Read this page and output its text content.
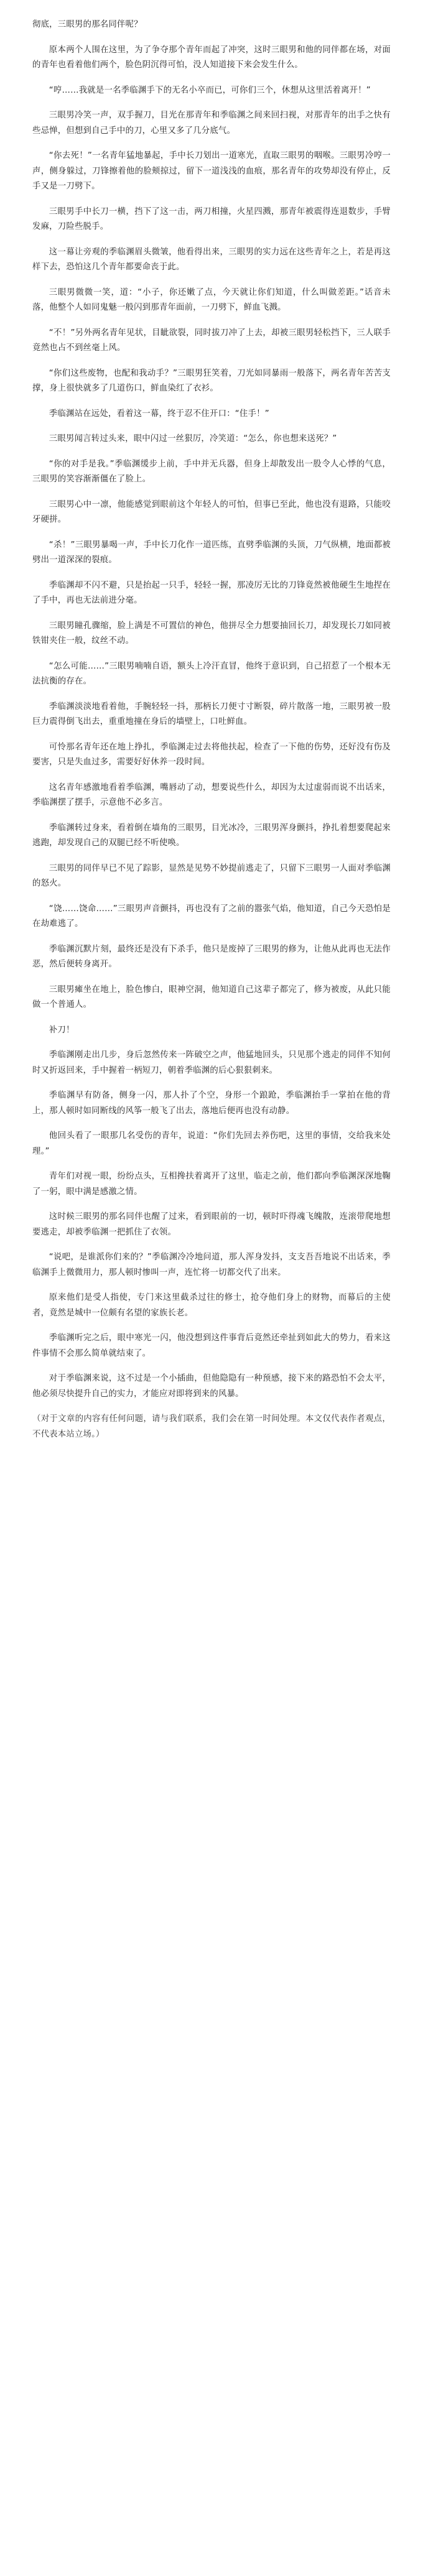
彻底，三眼男的那名同伴呢？

原本两个人围在这里，为了争夺那个青年而起了冲突，这时三眼男和他的同伴都在场，对面的青年也看着他们两个，脸色阴沉得可怕，没人知道接下来会发生什么。

“哼……我就是一名季临渊手下的无名小卒而已，可你们三个，休想从这里活着离开！”

三眼男冷笑一声，双手握刀，目光在那青年和季临渊之间来回扫视，对那青年的出手之快有些忌惮，但想到自己手中的刀，心里又多了几分底气。

“你去死！”一名青年猛地暴起，手中长刀划出一道寒光，直取三眼男的咽喉。三眼男冷哼一声，侧身躲过，刀锋擦着他的脸颊掠过，留下一道浅浅的血痕，那名青年的攻势却没有停止，反手又是一刀劈下。

三眼男手中长刀一横，挡下了这一击，两刀相撞，火星四溅，那青年被震得连退数步，手臂发麻，刀险些脱手。

这一幕让旁观的季临渊眉头微皱，他看得出来，三眼男的实力远在这些青年之上，若是再这样下去，恐怕这几个青年都要命丧于此。

三眼男微微一笑，道：“小子，你还嫩了点，今天就让你们知道，什么叫做差距。”话音未落，他整个人如同鬼魅一般闪到那青年面前，一刀劈下，鲜血飞溅。

“不！”另外两名青年见状，目眦欲裂，同时拔刀冲了上去，却被三眼男轻松挡下，三人联手竟然也占不到丝毫上风。

“你们这些废物，也配和我动手？”三眼男狂笑着，刀光如同暴雨一般落下，两名青年苦苦支撑，身上很快就多了几道伤口，鲜血染红了衣衫。

季临渊站在远处，看着这一幕，终于忍不住开口：“住手！”

三眼男闻言转过头来，眼中闪过一丝狠厉，冷笑道：“怎么，你也想来送死？”

“你的对手是我。”季临渊缓步上前，手中并无兵器，但身上却散发出一股令人心悸的气息，三眼男的笑容渐渐僵在了脸上。

三眼男心中一凛，他能感觉到眼前这个年轻人的可怕，但事已至此，他也没有退路，只能咬牙硬拼。

“杀！”三眼男暴喝一声，手中长刀化作一道匹练，直劈季临渊的头顶，刀气纵横，地面都被劈出一道深深的裂痕。

季临渊却不闪不避，只是抬起一只手，轻轻一握，那凌厉无比的刀锋竟然被他硬生生地捏在了手中，再也无法前进分毫。

三眼男瞳孔骤缩，脸上满是不可置信的神色，他拼尽全力想要抽回长刀，却发现长刀如同被铁钳夹住一般，纹丝不动。

“怎么可能……”三眼男喃喃自语，额头上冷汗直冒，他终于意识到，自己招惹了一个根本无法抗衡的存在。

季临渊淡淡地看着他，手腕轻轻一抖，那柄长刀便寸寸断裂，碎片散落一地，三眼男被一股巨力震得倒飞出去，重重地撞在身后的墙壁上，口吐鲜血。

可怜那名青年还在地上挣扎，季临渊走过去将他扶起，检查了一下他的伤势，还好没有伤及要害，只是失血过多，需要好好休养一段时间。

这名青年感激地看着季临渊，嘴唇动了动，想要说些什么，却因为太过虚弱而说不出话来，季临渊摆了摆手，示意他不必多言。

季临渊转过身来，看着倒在墙角的三眼男，目光冰冷，三眼男浑身颤抖，挣扎着想要爬起来逃跑，却发现自己的双腿已经不听使唤。

三眼男的同伴早已不见了踪影，显然是见势不妙提前逃走了，只留下三眼男一人面对季临渊的怒火。

“饶……饶命……”三眼男声音颤抖，再也没有了之前的嚣张气焰，他知道，自己今天恐怕是在劫难逃了。

季临渊沉默片刻，最终还是没有下杀手，他只是废掉了三眼男的修为，让他从此再也无法作恶，然后便转身离开。

三眼男瘫坐在地上，脸色惨白，眼神空洞，他知道自己这辈子都完了，修为被废，从此只能做一个普通人。

补刀！

季临渊刚走出几步，身后忽然传来一阵破空之声，他猛地回头，只见那个逃走的同伴不知何时又折返回来，手中握着一柄短刀，朝着季临渊的后心狠狠刺来。

季临渊早有防备，侧身一闪，那人扑了个空，身形一个踉跄，季临渊抬手一掌拍在他的背上，那人顿时如同断线的风筝一般飞了出去，落地后便再也没有动静。

他回头看了一眼那几名受伤的青年，说道：“你们先回去养伤吧，这里的事情，交给我来处理。”

青年们对视一眼，纷纷点头，互相搀扶着离开了这里，临走之前，他们都向季临渊深深地鞠了一躬，眼中满是感激之情。

这时候三眼男的那名同伴也醒了过来，看到眼前的一切，顿时吓得魂飞魄散，连滚带爬地想要逃走，却被季临渊一把抓住了衣领。

“说吧，是谁派你们来的？”季临渊冷冷地问道，那人浑身发抖，支支吾吾地说不出话来，季临渊手上微微用力，那人顿时惨叫一声，连忙将一切都交代了出来。

原来他们是受人指使，专门来这里截杀过往的修士，抢夺他们身上的财物，而幕后的主使者，竟然是城中一位颇有名望的家族长老。

季临渊听完之后，眼中寒光一闪，他没想到这件事背后竟然还牵扯到如此大的势力，看来这件事情不会那么简单就结束了。

对于季临渊来说，这不过是一个小插曲，但他隐隐有一种预感，接下来的路恐怕不会太平，他必须尽快提升自己的实力，才能应对即将到来的风暴。

（对于文章的内容有任何问题，请与我们联系，我们会在第一时间处理。本文仅代表作者观点，不代表本站立场。）
